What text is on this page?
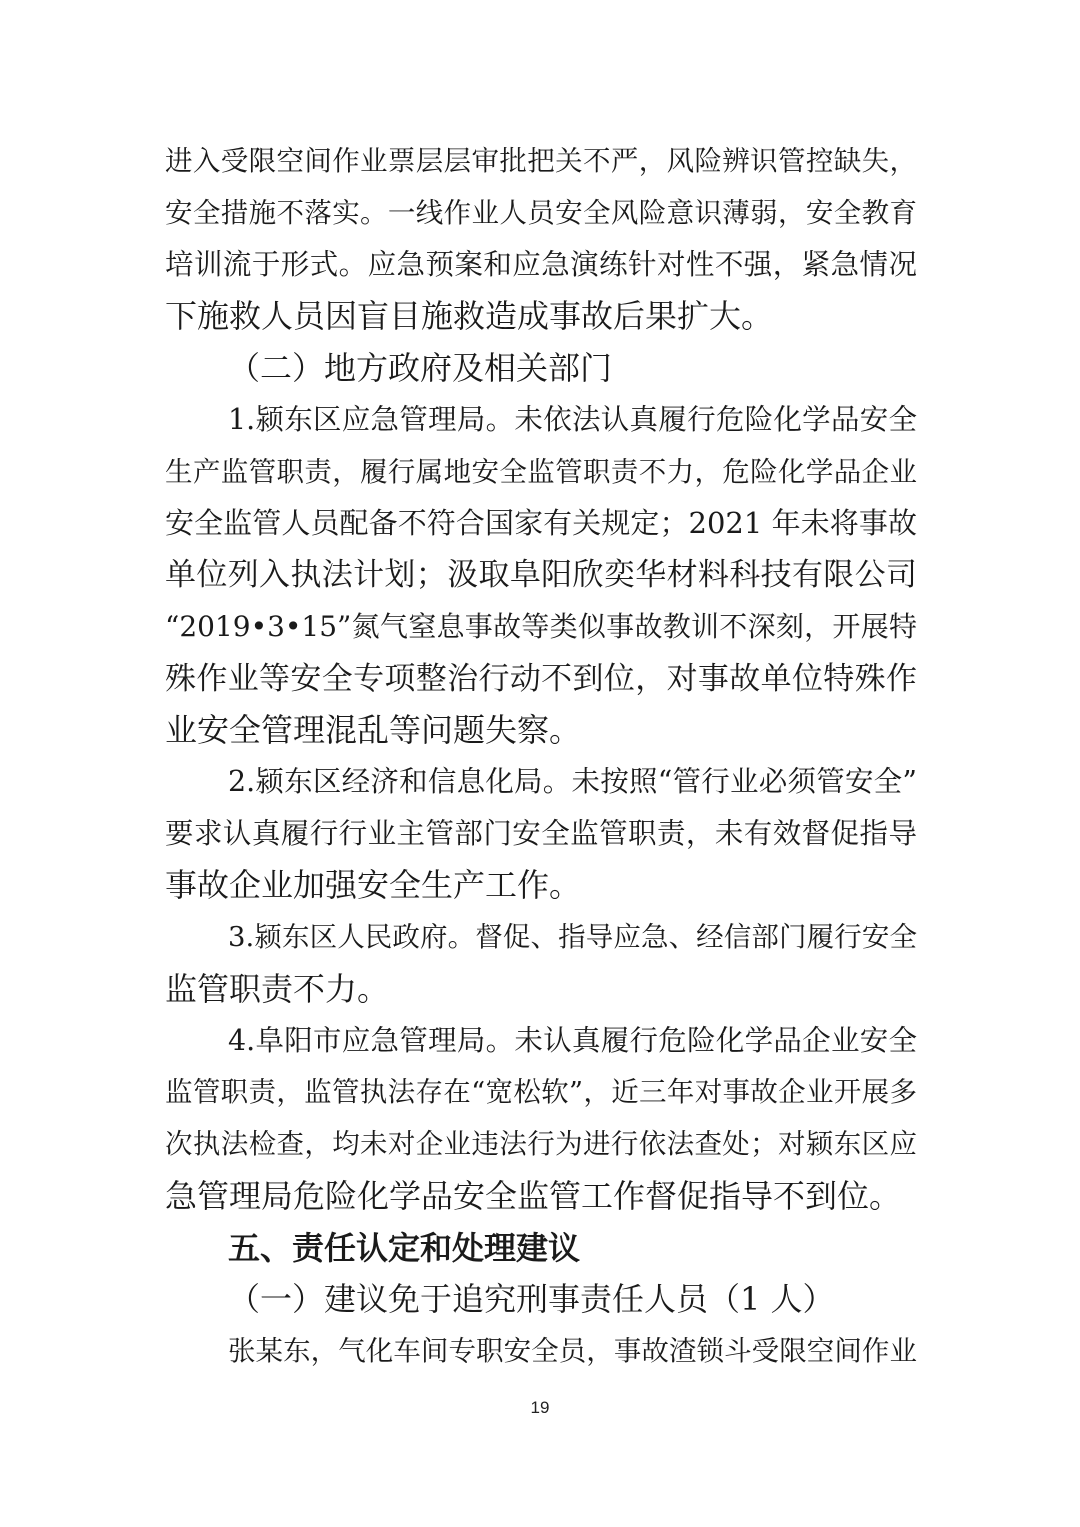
进入受限空间作业票层层审批把关不严，风险辨识管控缺失，
安全措施不落实。一线作业人员安全风险意识薄弱，安全教育
培训流于形式。应急预案和应急演练针对性不强，紧急情况
下施救人员因盲目施救造成事故后果扩大。
（二）地方政府及相关部门
1.颍东区应急管理局。未依法认真履行危险化学品安全
生产监管职责，履行属地安全监管职责不力，危险化学品企业
安全监管人员配备不符合国家有关规定；2021 年未将事故
单位列入执法计划；汲取阜阳欣奕华材料科技有限公司
“2019•3•15”氮气窒息事故等类似事故教训不深刻，开展特
殊作业等安全专项整治行动不到位，对事故单位特殊作
业安全管理混乱等问题失察。
2.颍东区经济和信息化局。未按照“管行业必须管安全”
要求认真履行行业主管部门安全监管职责，未有效督促指导
事故企业加强安全生产工作。
3.颍东区人民政府。督促、指导应急、经信部门履行安全
监管职责不力。
4.阜阳市应急管理局。未认真履行危险化学品企业安全
监管职责，监管执法存在“宽松软”，近三年对事故企业开展多
次执法检查，均未对企业违法行为进行依法查处；对颍东区应
急管理局危险化学品安全监管工作督促指导不到位。
五、责任认定和处理建议
（一）建议免于追究刑事责任人员（1 人）
张某东，气化车间专职安全员，事故渣锁斗受限空间作业
19
